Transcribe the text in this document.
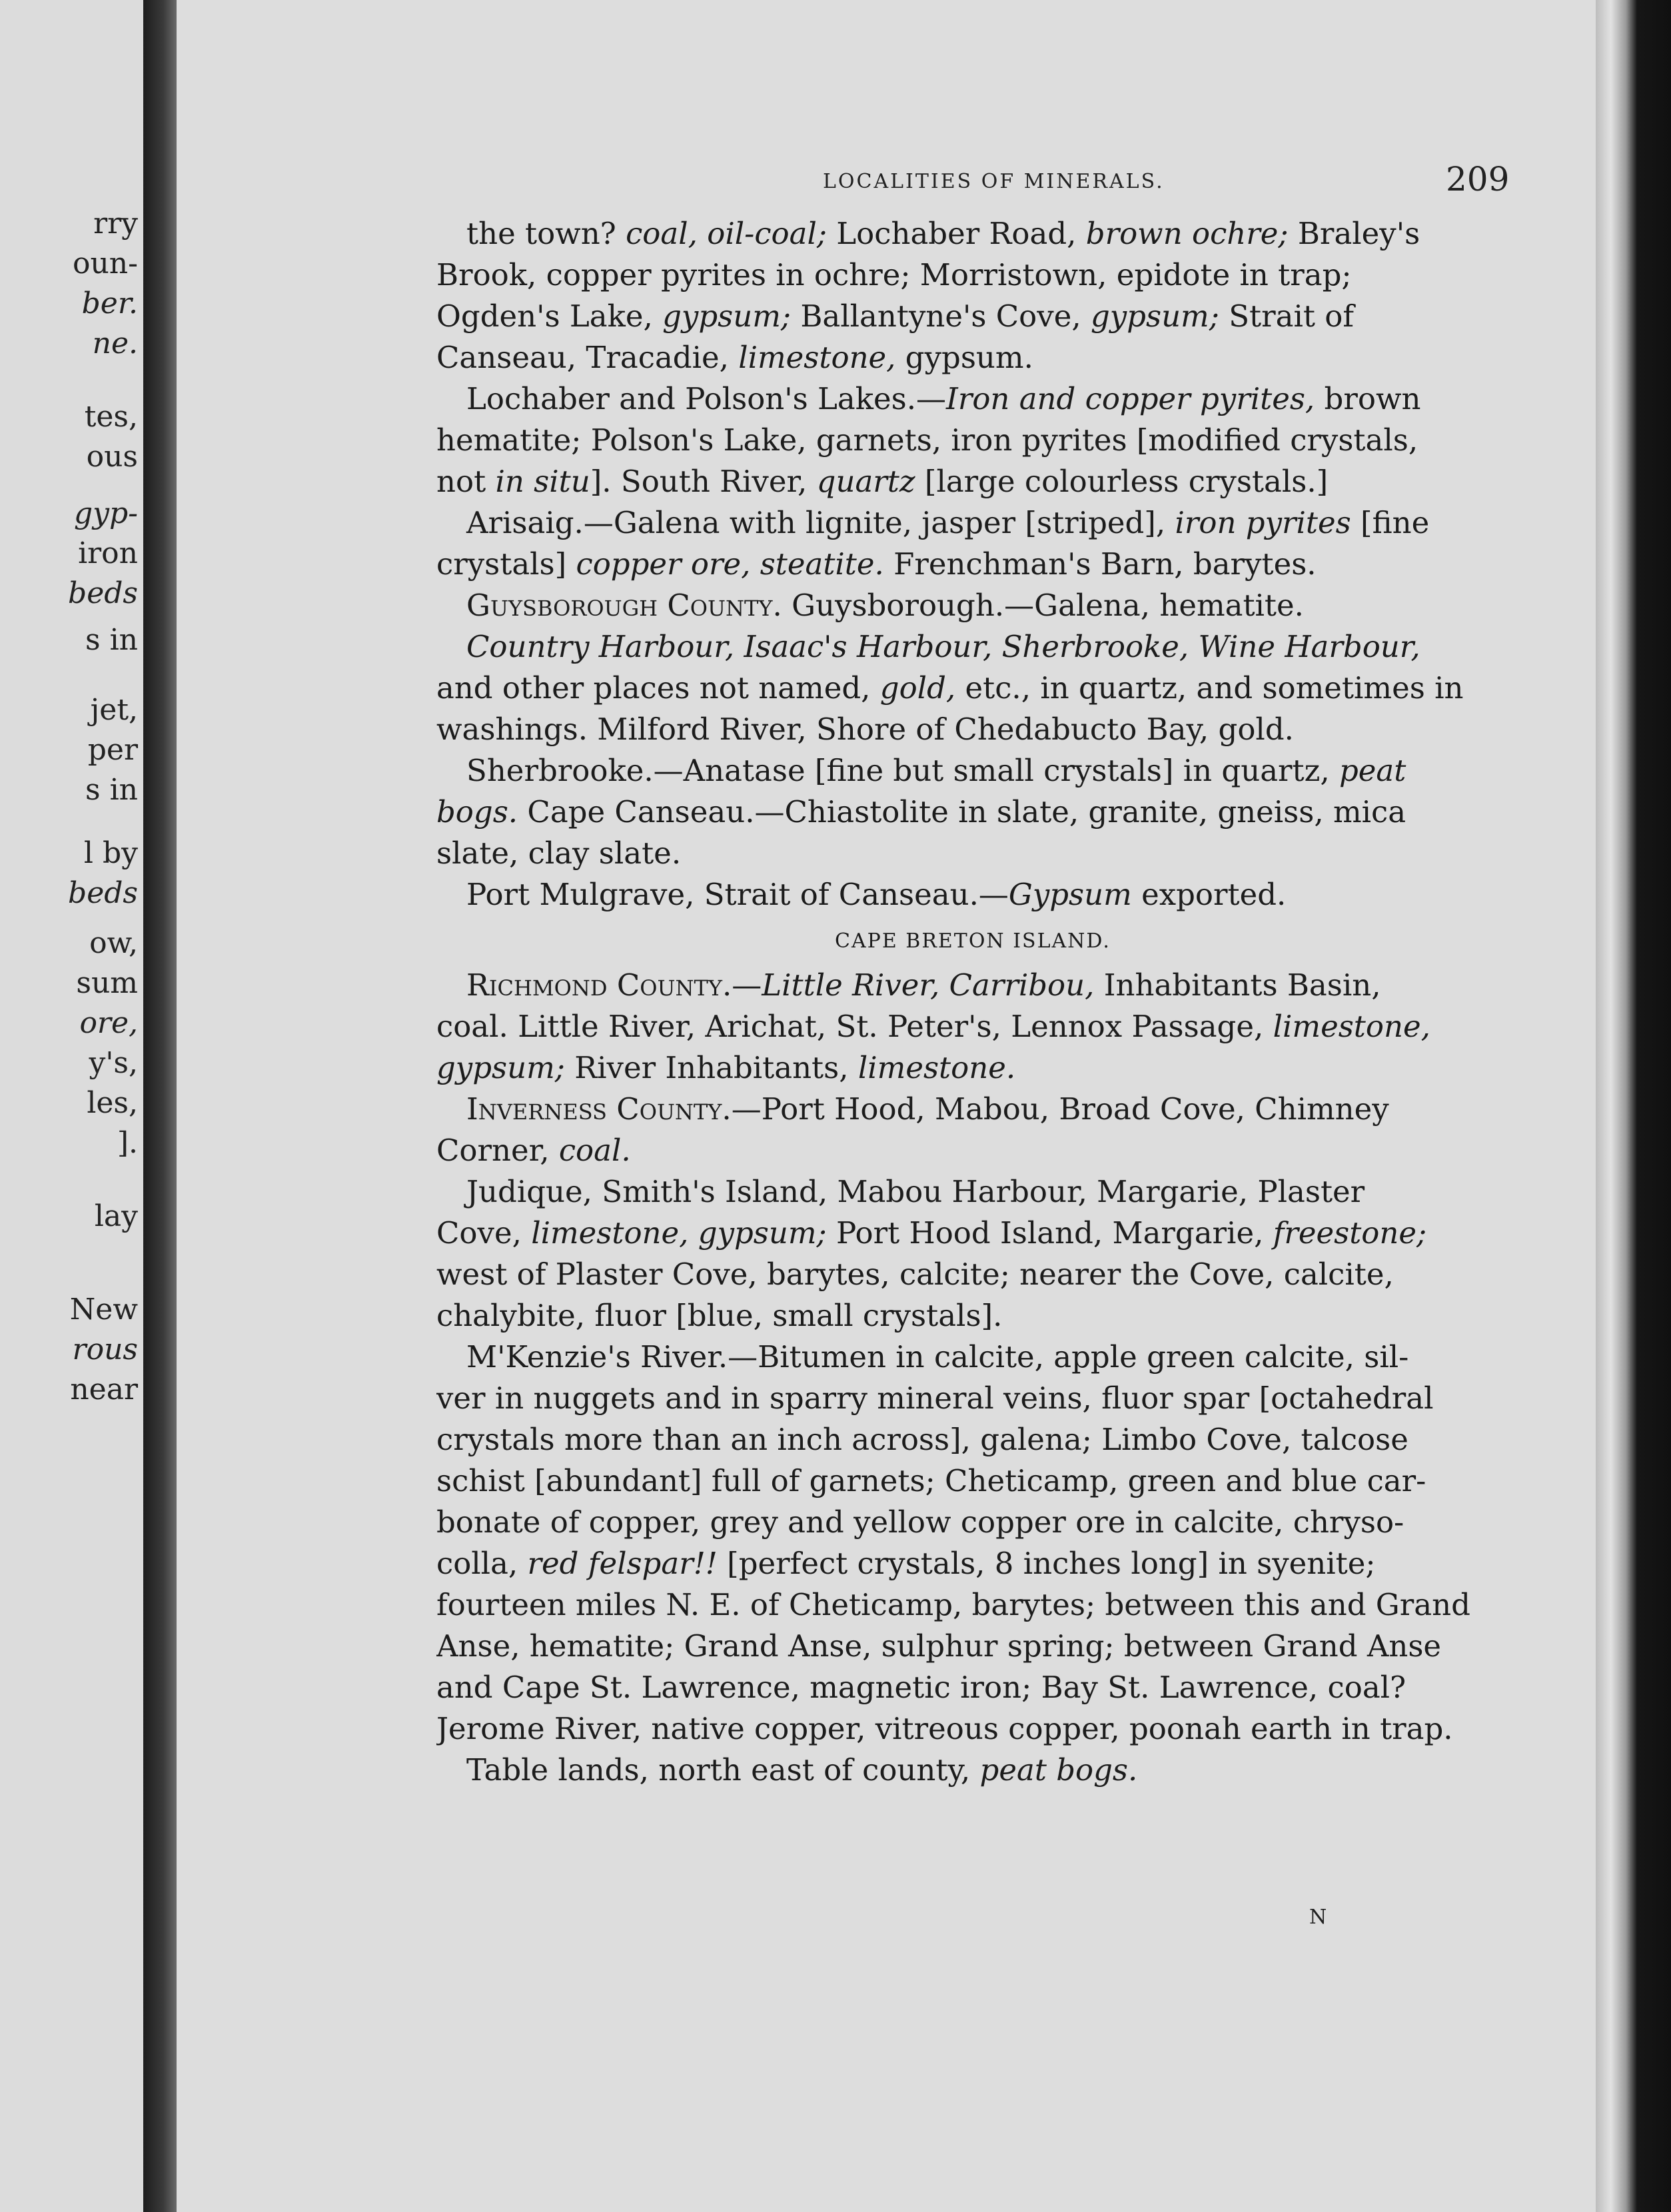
rry
oun-
ber.
ne.
tes,
ous
gyp-
iron
beds
s in
jet,
per
s in
l by
beds
ow,
sum
ore,
y's,
les,
].
lay
New
rous
near
LOCALITIES OF MINERALS.	209
the town? coal, oil-coal; Lochaber Road, brown ochre; Braley's
Brook, copper pyrites in ochre; Morristown, epidote in trap;
Ogden's Lake, gypsum; Ballantyne's Cove, gypsum; Strait of
Canseau, Tracadie, limestone, gypsum.
Lochaber and Polson's Lakes.—Iron and copper pyrites, brown
hematite; Polson's Lake, garnets, iron pyrites [modified crystals,
not in situ]. South River, quartz [large colourless crystals.]
Arisaig.—Galena with lignite, jasper [striped], iron pyrites [fine
crystals] copper ore, steatite. Frenchman's Barn, barytes.
Guysborough County. Guysborough.—Galena, hematite.
Country Harbour, Isaac's Harbour, Sherbrooke, Wine Harbour,
and other places not named, gold, etc., in quartz, and sometimes in
washings. Milford River, Shore of Chedabucto Bay, gold.
Sherbrooke.—Anatase [fine but small crystals] in quartz, peat
bogs. Cape Canseau.—Chiastolite in slate, granite, gneiss, mica
slate, clay slate.
Port Mulgrave, Strait of Canseau.—Gypsum exported.
CAPE BRETON ISLAND.
Richmond County.—Little River, Carribou, Inhabitants Basin,
coal. Little River, Arichat, St. Peter's, Lennox Passage, limestone,
gypsum; River Inhabitants, limestone.
Inverness County.—Port Hood, Mabou, Broad Cove, Chimney
Corner, coal.
Judique, Smith's Island, Mabou Harbour, Margarie, Plaster
Cove, limestone, gypsum; Port Hood Island, Margarie, freestone;
west of Plaster Cove, barytes, calcite; nearer the Cove, calcite,
chalybite, fluor [blue, small crystals].
M'Kenzie's River.—Bitumen in calcite, apple green calcite, sil-
ver in nuggets and in sparry mineral veins, fluor spar [octahedral
crystals more than an inch across], galena; Limbo Cove, talcose
schist [abundant] full of garnets; Cheticamp, green and blue car-
bonate of copper, grey and yellow copper ore in calcite, chryso-
colla, red felspar!! [perfect crystals, 8 inches long] in syenite;
fourteen miles N. E. of Cheticamp, barytes; between this and Grand
Anse, hematite; Grand Anse, sulphur spring; between Grand Anse
and Cape St. Lawrence, magnetic iron; Bay St. Lawrence, coal?
Jerome River, native copper, vitreous copper, poonah earth in trap.
Table lands, north east of county, peat bogs.
N
